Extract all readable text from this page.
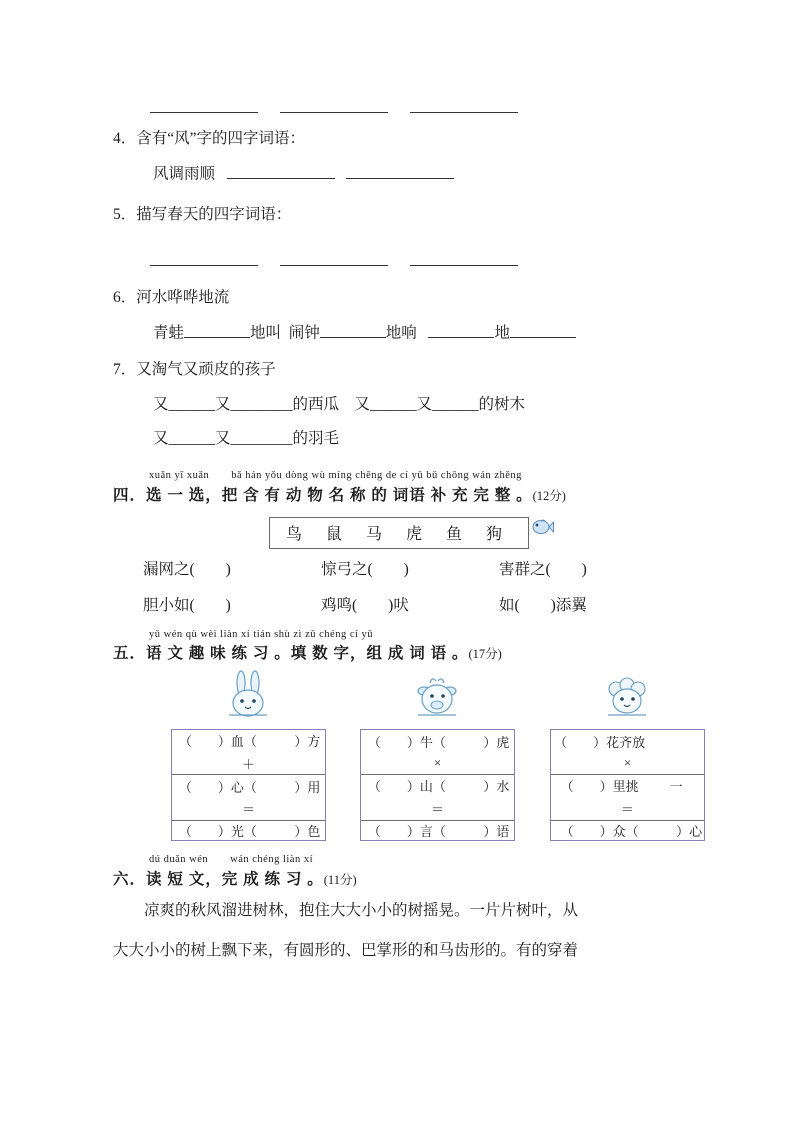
4．含有“风”字的四字词语：
风调雨顺
5．描写春天的四字词语：

6．河水哗哗地流
青蛙	地叫 闹钟	地响	地
7．又淘气又顽皮的孩子
又______又________的西瓜　又______又______的树木
又______又________的羽毛
xuǎn yī xuǎn　　bǎ hán yǒu dòng wù míng chēng de cí yǔ bǔ chōng wán zhěng
四．选 一 选，把 含 有 动 物 名 称 的 词语 补 充 完 整 。(12分)
鸟 鼠 马 虎 鱼 狗
漏网之(　　)	惊弓之(　　)	害群之(　　)
胆小如(　　)	鸡鸣(　　)吠	如(　　)添翼
yǔ wén qù wèi liàn xí tián shù zì zǔ chéng cí yǔ
五．语 文 趣 味 练 习 。填 数 字，组 成 词 语 。(17分)
（　　）血（	　　）方
＋	
（　　）心（	　　）用
＝	
（　　）光（	　　）色
（　　）牛（	　　）虎
×	
（　　）山（	　　）水
＝	
（　　）言（	　　）语
（　　）花齐放	
×	
（　　）里挑	一
＝	
（　　）众（	　　）心
dú duǎn wén　　wán chéng liàn xí
六．读 短 文，完 成 练 习 。(11分)
凉爽的秋风溜进树林，抱住大大小小的树摇晃。一片片树叶，从
大大小小的树上飘下来，有圆形的、巴掌形的和马齿形的。有的穿着
